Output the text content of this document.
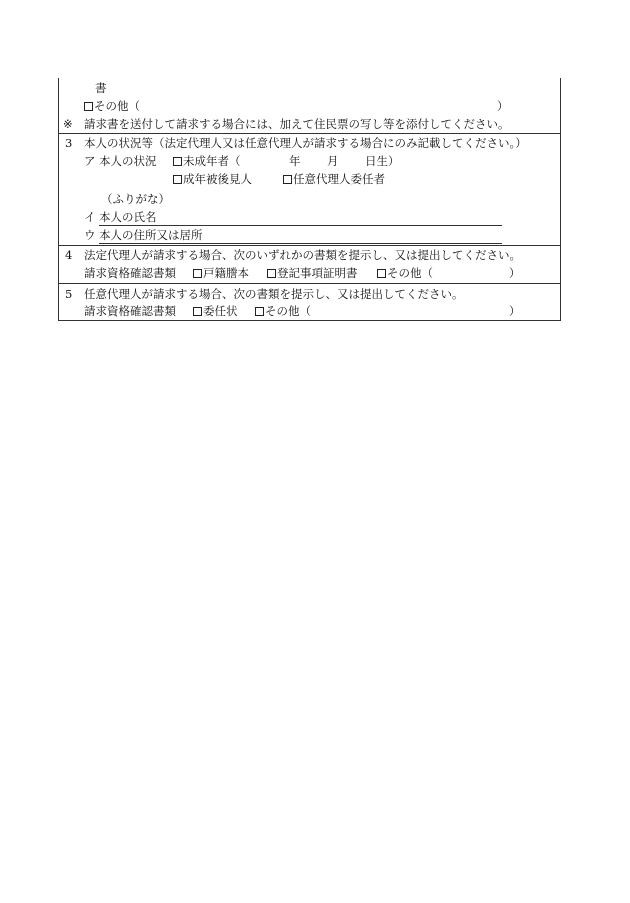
書
その他（	）
※ 請求書を送付して請求する場合には、加えて住民票の写し等を添付してください。
3 本人の状況等（法定代理人又は任意代理人が請求する場合にのみ記載してください。）
ア 本人の状況	未成年者（	年 月 日生）
成年被後見人	任意代理人委任者
（ふりがな）
イ 本人の氏名
ウ 本人の住所又は居所
4 法定代理人が請求する場合、次のいずれかの書類を提示し、又は提出してください。
請求資格確認書類	戸籍謄本	登記事項証明書	その他（	）
5 任意代理人が請求する場合、次の書類を提示し、又は提出してください。
請求資格確認書類	委任状	その他（	）
